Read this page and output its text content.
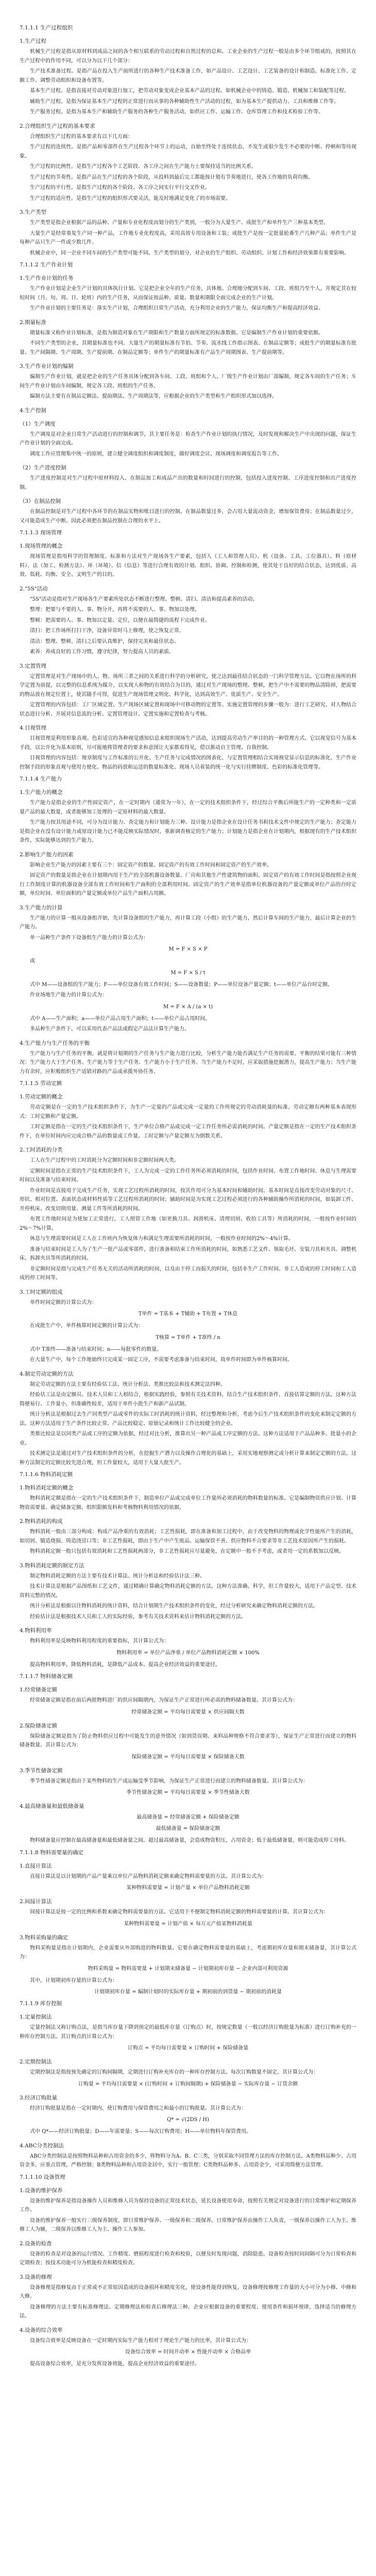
7.1.1.1 生产过程组织
1.生产过程
机械生产过程是指从原材料到成品之间的各个相互联系的劳动过程和自然过程的总和。工业企业的生产过程一般是由多个环节组成的，按照其在生产过程中的作用不同，可以分为以下几个部分：
生产技术准备过程。是指产品在投入生产前所进行的各种生产技术准备工作，如产品设计、工艺设计、工艺装备的设计和制造、标准化工作、定额工作、调整劳动组织和设备布置等。
基本生产过程。是指直接对劳动对象进行加工，把劳动对象变成企业基本产品的过程。如机械企业中的铸造、锻造、机械加工和装配等过程。
辅助生产过程。是指为保证基本生产过程的正常进行而从事的各种辅助性生产活动的过程，如为基本生产提供动力、工具和维修工作等。
生产服务过程。是指为基本生产和辅助生产服务的各种生产服务活动，如供应工作、运输工作、仓库管理工作和技术检验工作等。
2.合理组织生产过程的基本要求
合理组织生产过程的基本要求有以下几方面：
生产过程的连续性。是指产品和零部件在生产过程各个环节上的运动，自始至终处于连续状态，不发生或很少发生不必要的中断、停顿和等待现象。
生产过程的比例性。是指生产过程各个工艺阶段、各工序之间在生产能力上要保持适当的比例关系。
生产过程的节奏性。是指产品在生产过程的各个阶段，从投料到最后完工都能按计划有节奏地进行，使各工作地的负荷均衡。
生产过程的平行性。是指生产过程的各个阶段、各工序之间实行平行交叉作业。
生产过程的适应性。是指生产过程的组织形式要灵活，能及时地满足变化了的市场需要。
3.生产类型
生产类型是指企业根据产品的品种、产量和专业化程度而划分的生产类别，一般分为大量生产、成批生产和单件生产三种基本类型。
大量生产是经常重复生产同一种产品，工作地专业化程度高，采用高效专用设备和工装；成批生产是按一定批量轮番生产几种产品；单件生产是每种产品只生产一件或少数几件。
机械企业中，同一企业不同车间的生产类型可能不同。生产类型的划分，对企业的生产组织、劳动组织、计划工作和经济效果都有重要影响。
7.1.1.2 生产作业计划
1.生产作业计划的任务
生产作业计划是企业生产计划的具体执行计划。它是把企业全年的生产任务，具体地、合理地分配到车间、工段、班组乃至个人，并规定其在较短时间（月、旬、周、日、轮班）内的生产任务，从而保证按品种、质量、数量和期限全面完成企业的生产计划。
生产作业计划的主要任务是：落实生产计划，合理组织日常生产活动，充分利用企业的生产能力，保证均衡生产和提高经济效益。
2.期量标准
期量标准又称作业计划标准，是指为制造对象在生产期限和生产数量方面所规定的标准数据。它是编制生产作业计划的重要依据。
不同生产类型的企业，其期量标准也不同。大量生产的期量标准有节拍、节奏、流水线工作指示图表、在制品定额等；成批生产的期量标准有批量、生产间隔期、生产周期、生产提前期、在制品定额等；单件生产的期量标准有产品生产周期图表、生产提前期等。
3.生产作业计划的编制
编制生产作业计划，就是把企业的生产任务具体分配到各车间、工段、班组和个人。厂级生产作业计划由厂部编制，规定各车间的生产任务；车间生产作业计划由车间编制，规定各工段、班组的生产任务。
编制方法主要有在制品定额法、提前期法、生产周期法等，应根据企业的生产类型和生产组织形式加以选择。
4.生产控制
（1）生产调度
生产调度是对企业日常生产活动进行的控制和调节，其主要任务是：检查生产作业计划的执行情况，及时发现和解决生产中出现的问题，保证生产作业计划的全面完成。
调度工作应贯彻集中统一的原则，建立健全调度组织和调度制度，做好调度会议、现场调度和调度报告等工作。
（2）生产进度控制
生产进度控制是对生产过程中原材料投入、在制品加工和成品产出的数量和时间进行的控制，包括投入进度控制、工序进度控制和出产进度控制。
（3）在制品控制
在制品控制是对生产过程中各环节的在制品实物和账目进行的控制。在制品数量过多，会占用大量流动资金，增加保管费用；在制品数量过少，又可能造成生产中断。因此必须把在制品控制在合理的水平上。
7.1.1.3 现场管理
1.现场管理的概念
现场管理是指用科学的管理制度、标准和方法对生产现场各生产要素，包括人（工人和管理人员）、机（设备、工具、工位器具）、料（原材料）、法（加工、检测方法）、环（环境）、信（信息）等进行合理有效的计划、组织、协调、控制和检测，使其处于良好的结合状态，达到优质、高效、低耗、均衡、安全、文明生产的目的。
2."5S"活动
"5S"活动是指对生产现场各生产要素所处状态不断进行整理、整顿、清扫、清洁和提高素养的活动。
整理：把要与不要的人、事、物分开，再将不需要的人、事、物加以处理。
整顿：把需要的人、事、物加以定量、定位，以便在最简捷的流程下完成作业。
清扫：把工作场所打扫干净，设备异常时马上修理，使之恢复正常。
清洁：整理、整顿、清扫之后要认真维护，保持完美和最佳状态。
素养：养成良好的工作习惯，遵守纪律，努力提高人员的素质。
3.定置管理
定置管理是对生产现场中的人、物、场所三者之间的关系进行科学的分析研究，使之达到最佳结合状态的一门科学管理方法。它以物在场所的科学定置为前提，以完整的信息系统为媒介，以实现人和物的有效结合为目的，通过对生产现场的整理、整顿，把生产中不需要的物品清除掉，把需要的物品放在规定位置上，使其随手可得，促进生产现场管理文明化、科学化，达到高效生产、优质生产、安全生产。
定置管理的内容包括：工厂区域定置、生产现场区域定置和现场中可移动物的定置等。实施定置管理的步骤一般为：进行工艺研究、对人物结合状态进行分析、开展对信息流的分析、定置管理设计、定置实施和定置检查与考核。
4.目视管理
目视管理是利用形象直观、色彩适宜的各种视觉感知信息来组织现场生产活动，达到提高劳动生产率目的的一种管理方式。它以视觉信号为基本手段，以公开化为基本原则，尽可能地将管理者的要求和意图让大家都看得见，借以推动自主管理、自我控制。
目视管理的内容包括：规章制度与工作标准的公开化、生产任务与完成情况的图表化、与定置管理相结合实现视觉显示信息的标准化、生产作业控制手段的形象直观与使用方便化、物品的码放和运送的数量标准化、现场人员着装的统一化与实行挂牌制度、色彩的标准化管理等。
7.1.1.4 生产能力
1.生产能力的概念
生产能力是指企业的生产性固定资产，在一定时期内（通常为一年），在一定的技术组织条件下，经过综合平衡后所能生产的一定种类和一定质量产品的最大数量，或者能够加工处理的一定原材料的最大数量。
生产能力按其用途不同，可分为设计能力、查定能力和计划能力三种。设计能力是指企业在设计任务书和技术文件中规定的生产能力；查定能力是指企业在没有设计能力或原设计能力已不能反映实际情况时，重新调查核定的生产能力；计划能力是指企业在计划期内，根据现有的生产技术组织条件，实际能够达到的生产能力。
2.影响生产能力的因素
影响企业生产能力的因素主要有三个：固定资产的数量、固定资产的有效工作时间和固定资产的生产效率。
固定资产的数量是指企业在计划期内用于生产的全部机器设备数量、厂房和其他生产性建筑物的面积。固定资产的有效工作时间是指按照企业现行工作制度计算的机器设备全部有效工作时间和生产面积的全部利用时间。固定资产的生产效率是指单位机器设备的产量定额或单位产品的台时定额，单位时间、单位面积的产量定额或单位产品生产面积占用额。
3.生产能力的计算
生产能力的计算一般从设备组开始，先计算设备组的生产能力，再计算工段（小组）的生产能力，然后计算车间的生产能力，最后计算企业的生产能力。
单一品种生产条件下设备组生产能力的计算公式为：
M = F × S × P
或
M = F × S / t
式中 M——设备组的生产能力；F——单位设备有效工作时间；S——设备数量；P——单位设备产量定额；t——单位产品台时定额。
作业场地生产能力的计算公式为：
M = F × A / (a × t)
式中 A——生产面积；a——单位产品占用生产面积；t——单位产品占用时间。
多品种生产条件下，可以采用代表产品法或假定产品法计算生产能力。
4.生产能力与生产任务的平衡
生产能力与生产任务的平衡，就是将计划期的生产任务与生产能力进行比较，分析生产能力能否满足生产任务的需要。平衡的结果可能有三种情况：生产能力大于生产任务、生产能力等于生产任务、生产能力小于生产任务。当生产能力不足时，应采取措施挖掘潜力，提高生产能力；当生产能力有余时，应积极组织生产适销对路的产品或承揽外协任务。
7.1.1.5 劳动定额
1.劳动定额的概念
劳动定额是在一定的生产技术组织条件下，为生产一定量的产品或完成一定量的工作所规定的劳动消耗量的标准。劳动定额有两种基本表现形式：工时定额和产量定额。
工时定额是指在一定的生产技术组织条件下，生产单位合格产品或完成一定工作任务所必需消耗的时间。产量定额是指在一定的生产技术组织条件下，在单位时间内应完成合格产品的数量或工作量。工时定额与产量定额互为倒数关系。
2.工时消耗的分类
工人在生产过程中的工时消耗分为定额时间和非定额时间两大类。
定额时间是指在正常的生产技术组织条件下，工人为完成一定的工作任务所必须消耗的时间，包括作业时间、布置工作地时间、休息与生理需要时间以及准备与结束时间。
作业时间是直接用于完成生产任务，实现工艺过程所消耗的时间，按其作用可分为基本时间和辅助时间。基本时间是直接改变劳动对象的尺寸、形状、相对位置、表面状态或材料性质等工艺过程所消耗的时间；辅助时间是为实现工艺过程必须进行的各种辅助操作所消耗的时间，如装卸工件、开停机床、改变切削用量、测量工件等所消耗的时间。
布置工作地时间是为使加工正常进行，工人照管工作地（如更换刀具、润滑机床、清理切屑、收拾工具等）所消耗的时间，一般按作业时间的2%～7%计算。
休息与生理需要时间是工人在工作班内为恢复体力和满足生理需要所消耗的时间，一般按作业时间的2%～4%计算。
准备与结束时间是工人为了生产一批产品或零部件，进行准备和结束工作所消耗的时间，如熟悉工艺文件、领取毛坯、安装刀具和夹具、调整机床、拆卸夹具等所消耗的时间。
非定额时间是指与完成生产任务无关的活动所消耗的时间，以及由于停工而损失的时间，包括非生产工作时间、非工人造成的停工时间和工人造成的停工时间等。
3.工时定额的组成
单件时间定额的计算公式为：
T单件 = T基本 + T辅助 + T布置 + T休息
在成批生产中，单件核算时间定额的计算公式为：
T核算 = T单件 + T准终 / n
式中 T准终——准备与结束时间；n——每批零件的数量。
在大量生产中，每个工作地始终只完成某一固定工序，不需要考虑准备与结束时间，故单件时间即为单件核算时间。
4.制定劳动定额的方法
制定劳动定额的方法主要有经验估工法、统计分析法、类推比较法和技术测定法四种。
经验估工法是由定额员、技术人员和工人相结合，根据实践经验，参照有关技术资料，结合生产技术组织条件，直接估算定额的方法。这种方法简便易行、工作量小，但准确性较差，适用于单件小批生产和新产品试制。
统计分析法是根据过去生产同类型产品或零件的实际工时消耗的统计资料，经过整理和分析，考虑今后生产技术组织条件的变化来制定定额的方法。这种方法适用于生产条件比较正常、产品比较稳定、原始记录和统计工作比较健全的企业。
类推比较法是以同类产品或工序的定额为依据，经过对比分析，推算出另一种产品或工序定额的方法。这种方法适用于产品品种多、批量小的企业。
技术测定法是通过对生产技术组织条件的分析，在挖掘生产潜力以及操作合理化的基础上，采用实地观察测定或分析计算来制定定额的方法。这种方法制定的定额比较先进合理，但工作量较大，适用于大量大批生产。
7.1.1.6 物料消耗定额
1.物料消耗定额的概念
物料消耗定额是指在一定的生产技术组织条件下，制造单位产品或完成单位工作量所必须消耗的物料数量的标准。它是编制物资供应计划、计算物资需要量、确定储备定额、组织限额发料和考核物料利用情况的依据。
2.物料消耗的构成
物料消耗一般由三部分构成：构成产品净重的有效消耗；工艺性损耗，即在准备和加工过程中，由于改变物料的物理或化学性能所产生的消耗，如切屑、锻造烧损、铸造浇冒口等；非工艺性损耗，即由于生产中产生废品、运输保管不善、供应物料不合要求等非工艺技术原因所产生的损耗。
物料消耗定额一般只包括有效消耗和工艺性损耗两部分，非工艺性损耗应尽量避免，在定额中一般不予考虑，或者用一定的系数加以反映。
3.物料消耗定额的制定方法
制定物料消耗定额的方法主要有技术计算法、统计分析法和经验估计法三种。
技术计算法是根据产品图纸和工艺文件，通过精确计算确定物料消耗定额的方法。这种方法准确、科学，但工作量较大，适用于产品定型、技术资料完整的情况。
统计分析法是根据以往物料消耗的统计资料，结合计划期生产技术组织条件的变化，经过分析研究来确定物料消耗定额的方法。
经验估计法是根据技术人员和工人的实际经验，参考有关技术资料来估计物料消耗定额的方法。
4.物料利用率
物料利用率是反映物料利用程度的重要指标，其计算公式为：
物料利用率 = 单位产品净重 / 单位产品物料消耗定额 × 100%
提高物料利用率，降低物料消耗，是降低产品成本、提高企业经济效益的重要途径。
7.1.1.7 物料储备定额
1.经常储备定额
经常储备定额是指在前后两批物料进厂的供应间隔期内，为保证生产正常进行所必需的物料储备数量。其计算公式为：
经常储备定额 = 平均每日需要量 × 供应间隔天数
2.保险储备定额
保险储备定额是指为了防止物料供应过程中可能发生的意外情况（如到货误期、来料品种规格不符合要求等），保证生产正常进行而建立的物料储备数量。其计算公式为：
保险储备定额 = 平均每日需要量 × 保险储备天数
3.季节性储备定额
季节性储备定额是指由于某些物料的生产或运输受季节影响，为保证生产正常进行而建立的物料储备数量。其计算公式为：
季节性储备定额 = 平均每日需要量 × 季节性储备天数
4.最高储备量和最低储备量
最高储备量 = 经常储备定额 + 保险储备定额
最低储备量 = 保险储备定额
物料储备量应控制在最高储备量和最低储备量之间。超过最高储备量，会造成物资积压，占用资金；低于最低储备量，则可能造成停工待料。
7.1.1.8 物料需要量的确定
1.直接计算法
直接计算法是以计划期的产品产量乘以单位产品物料消耗定额来确定物料需要量的方法。其计算公式为：
某种物料需要量 = 计划产量 × 单位产品物料消耗定额
2.间接计算法
间接计算法是按一定的比例和系数来确定物料需要量的方法。它适用于不便制定物料消耗定额的物料需要量的计算。其计算公式为：
某种物料需要量 = 计划产值 × 每万元产值某物料消耗量
3.物料采购量的确定
物料采购量是指在计划期内，企业需要从外部购进的物料数量。它要在确定物料需要量的基础上，考虑期初库存量和期末储备量，其计算公式为：
物料采购量 = 物料需要量 + 计划期末储备量 − 计划期初库存量 − 企业内部可利用资源
其中，计划期初库存量的计算公式为：
计划期初库存量 = 编制计划时的实际库存量 + 期初前的到货量 − 期初前的消耗量
7.1.1.9 库存控制
1.定量控制法
定量控制法又称订购点法，是指当库存量下降到预定的最低库存量（订购点）时，按规定数量（一般以经济订购批量为标准）进行订购补充的一种库存控制方法。其订购点的计算公式为：
订购点 = 平均每日需要量 × 订购时间 + 保险储备量
2.定期控制法
定期控制法是指按预先确定的订购间隔期，定期进行订购补充库存的一种库存控制方法。每次订购数量不固定，其计算公式为：
订购量 = 平均每日需要量 × (订购时间 + 订购间隔期) + 保险储备量 − 实际库存量 − 订货余额
3.经济订购批量
经济订购批量是指在一定时期内，使订购费用与保管费用之和最小的订购批量。其计算公式为：
Q* = √(2DS / H)
式中 Q*——经济订购批量；D——年需要量；S——每次订购费用；H——单位物料年保管费用。
4.ABC分类控制法
ABC分类控制法是按照物料品种和占用资金的多少，将物料分为A、B、C三类，分别采取不同管理方法的库存控制方法。A类物料品种少、占用资金多，应重点管理，严格控制；B类物料品种和占用资金居中，实行一般管理；C类物料品种多、占用资金少，可采用简便方法管理。
7.1.1.10 设备管理
1.设备的维护保养
设备的维护保养是指设备操作人员和维修人员为保持设备的正常技术状态，延长设备使用寿命，按照有关规定对设备进行的日常维护和定期保养工作。
设备的维护保养一般实行三级保养制度，即日常维护保养、一级保养和二级保养。日常维护保养由操作工人负责，一级保养以操作工人为主、维修工人为辅，二级保养以维修工人为主、操作工人参加。
2.设备的检查
设备的检查是对设备的运行情况、工作精度、磨损程度进行检查和校验，以便及时发现问题，消除隐患。设备检查按时间间隔可分为日常检查和定期检查；按技术功能可分为机能检查和精度检查。
3.设备的修理
设备修理是指修复由于正常或不正常原因造成的设备损坏和精度劣化，使设备性能得到恢复。设备修理按修理工作量的大小可分为小修、中修和大修。
设备修理的方法主要有标准修理法、定期修理法和检查后修理法三种。企业应根据设备的重要程度、使用条件和损坏规律，选择适当的修理方法。
4.设备的综合效率
设备综合效率是反映设备在一定时期内实际生产能力相对于理论生产能力的比率，其计算公式为：
设备综合效率 = 时间开动率 × 性能开动率 × 合格品率
提高设备综合效率，是充分发挥设备效能，提高企业经济效益的重要途径。
